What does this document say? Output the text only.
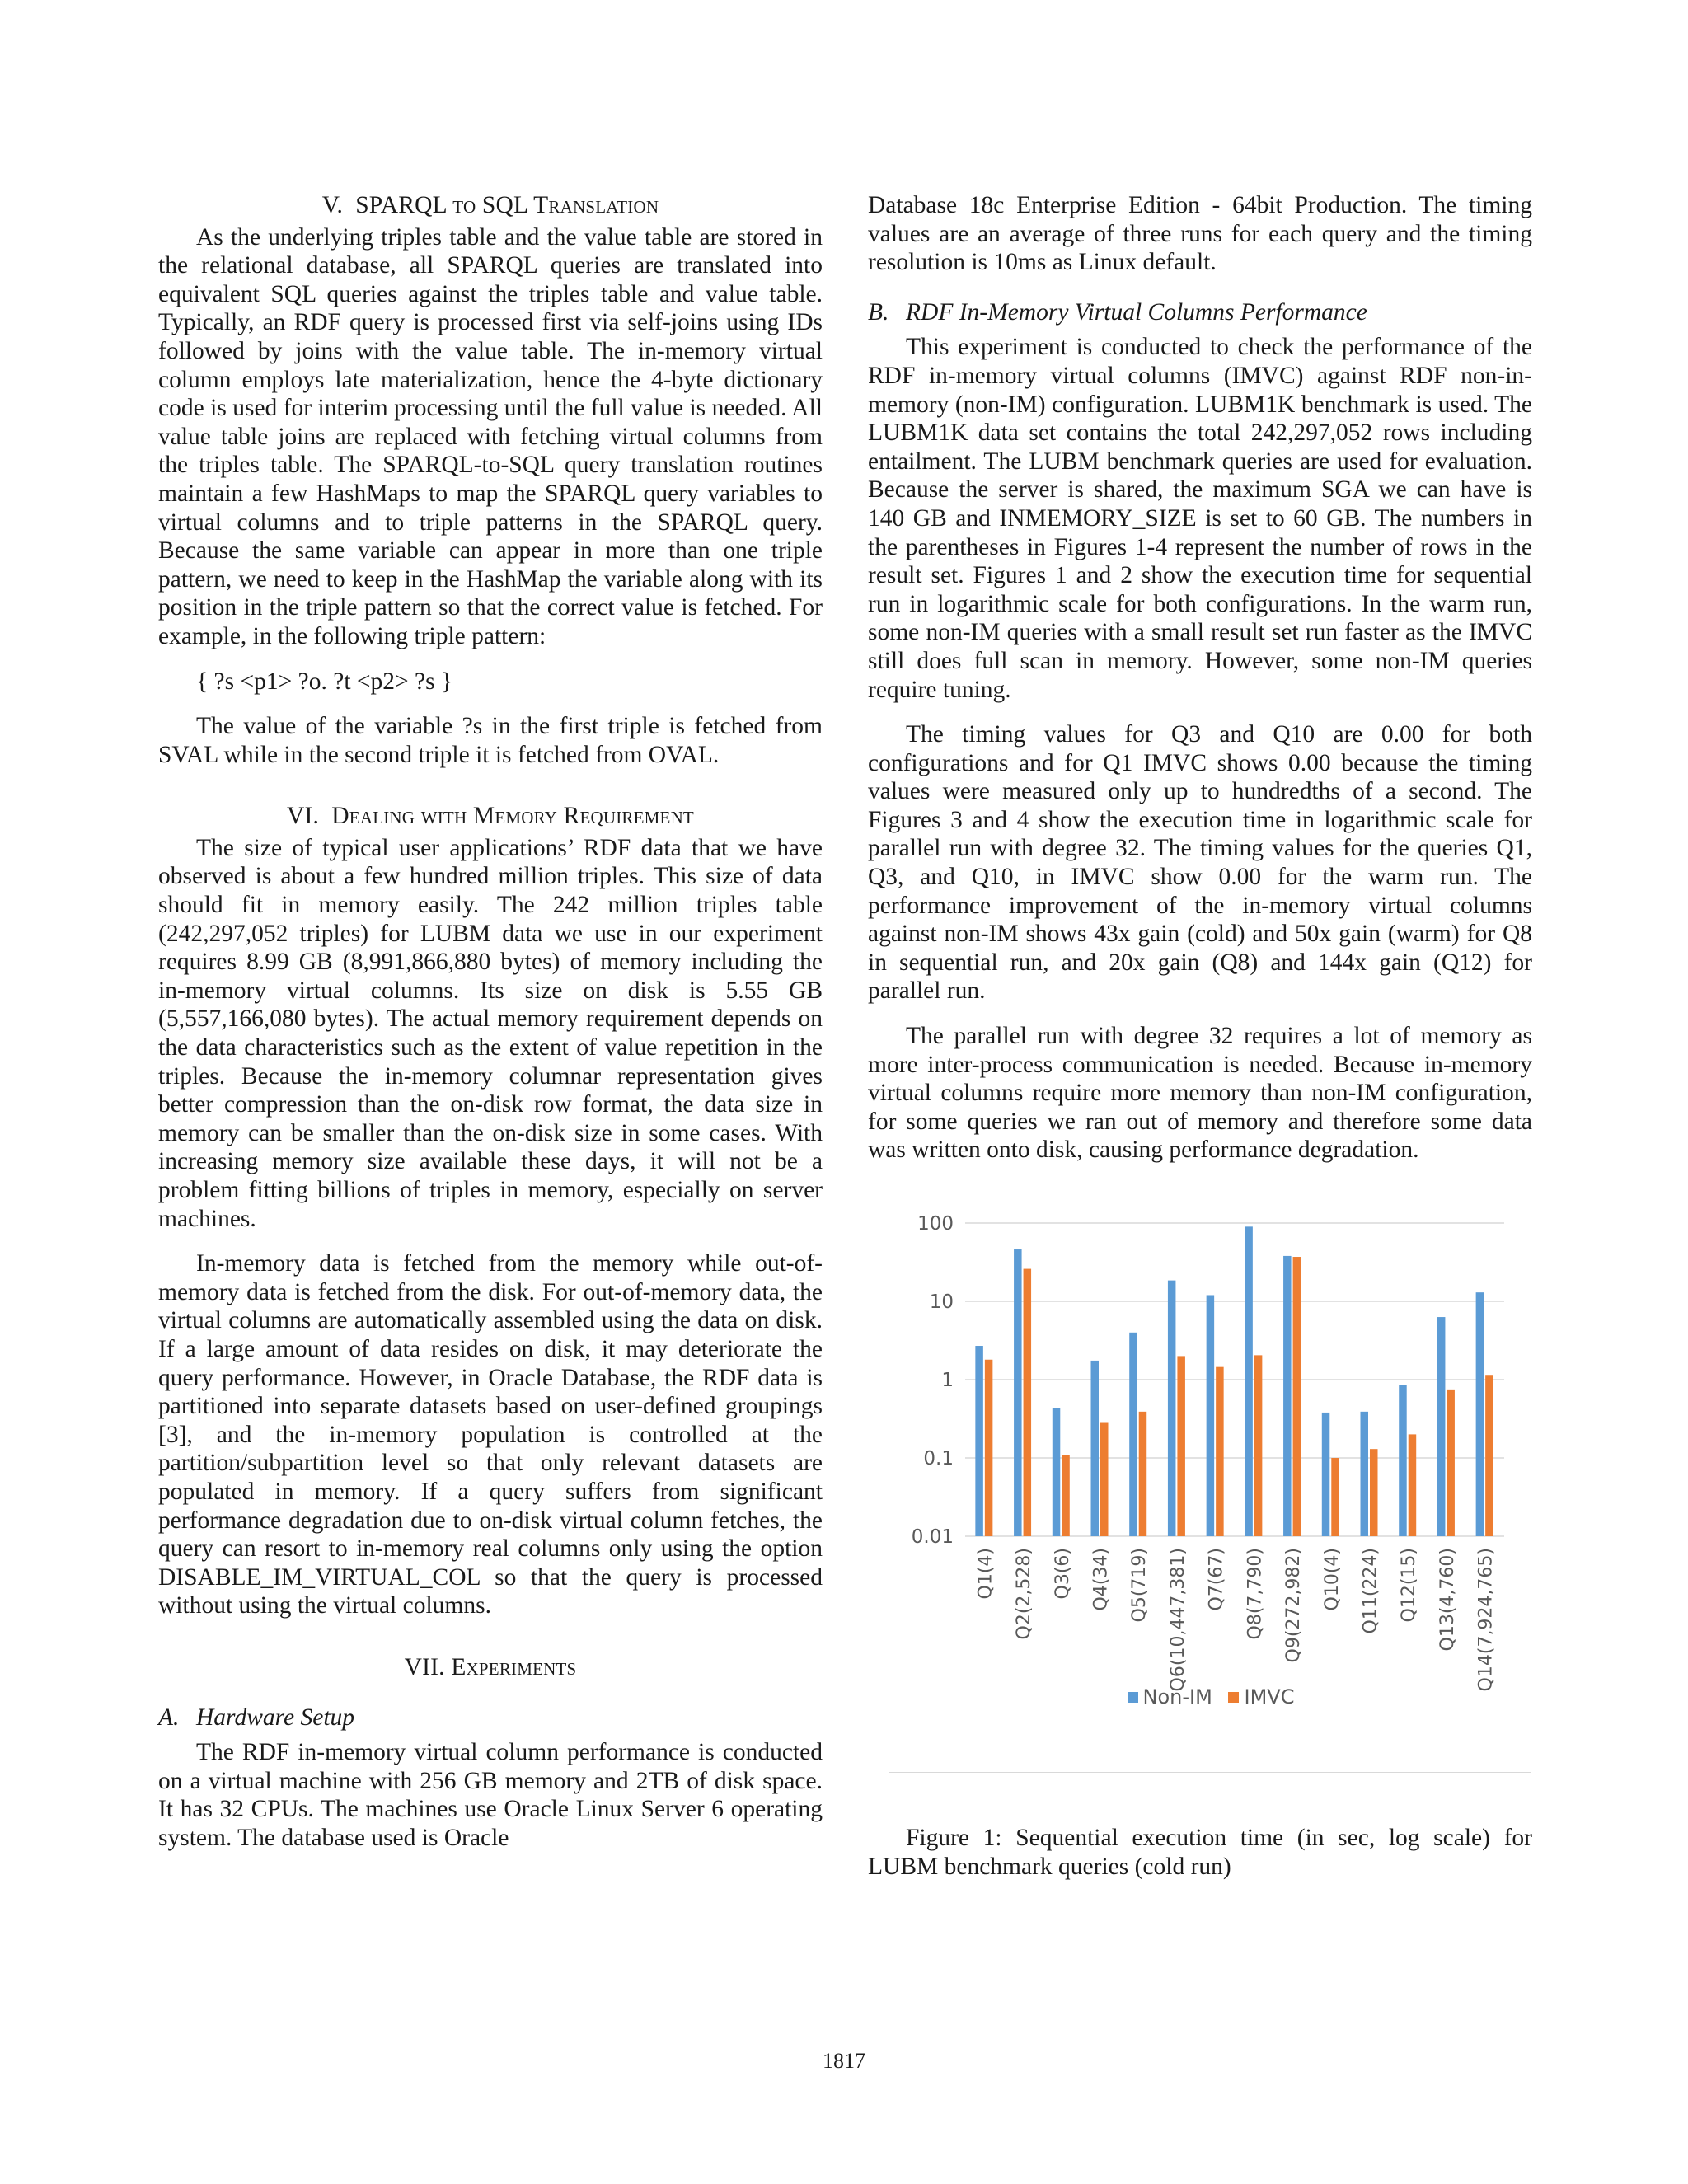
V. SPARQL to SQL Translation

As the underlying triples table and the value table are stored in the relational database, all SPARQL queries are translated into equivalent SQL queries against the triples table and value table. Typically, an RDF query is processed first via self-joins using IDs followed by joins with the value table. The in-memory virtual column employs late materialization, hence the 4-byte dictionary code is used for interim processing until the full value is needed. All value table joins are replaced with fetching virtual columns from the triples table. The SPARQL-to-SQL query translation routines maintain a few HashMaps to map the SPARQL query variables to virtual columns and to triple patterns in the SPARQL query. Because the same variable can appear in more than one triple pattern, we need to keep in the HashMap the variable along with its position in the triple pattern so that the correct value is fetched. For example, in the following triple pattern:

{ ?s <p1> ?o. ?t <p2> ?s }

The value of the variable ?s in the first triple is fetched from SVAL while in the second triple it is fetched from OVAL.

VI. Dealing with Memory Requirement

The size of typical user applications’ RDF data that we have observed is about a few hundred million triples. This size of data should fit in memory easily. The 242 million triples table (242,297,052 triples) for LUBM data we use in our experiment requires 8.99 GB (8,991,866,880 bytes) of memory including the in-memory virtual columns. Its size on disk is 5.55 GB (5,557,166,080 bytes). The actual memory requirement depends on the data characteristics such as the extent of value repetition in the triples. Because the in-memory columnar representation gives better compression than the on-disk row format, the data size in memory can be smaller than the on-disk size in some cases. With increasing memory size available these days, it will not be a problem fitting billions of triples in memory, especially on server machines.

In-memory data is fetched from the memory while out-of-memory data is fetched from the disk. For out-of-memory data, the virtual columns are automatically assembled using the data on disk. If a large amount of data resides on disk, it may deteriorate the query performance. However, in Oracle Database, the RDF data is partitioned into separate datasets based on user-defined groupings [3], and the in-memory population is controlled at the partition/subpartition level so that only relevant datasets are populated in memory. If a query suffers from significant performance degradation due to on-disk virtual column fetches, the query can resort to in-memory real columns only using the option DISABLE_IM_VIRTUAL_COL so that the query is processed without using the virtual columns.

VII. Experiments

A. Hardware Setup

The RDF in-memory virtual column performance is conducted on a virtual machine with 256 GB memory and 2TB of disk space. It has 32 CPUs. The machines use Oracle Linux Server 6 operating system. The database used is Oracle

Database 18c Enterprise Edition - 64bit Production. The timing values are an average of three runs for each query and the timing resolution is 10ms as Linux default.

B. RDF In-Memory Virtual Columns Performance

This experiment is conducted to check the performance of the RDF in-memory virtual columns (IMVC) against RDF non-in-memory (non-IM) configuration. LUBM1K benchmark is used. The LUBM1K data set contains the total 242,297,052 rows including entailment. The LUBM benchmark queries are used for evaluation. Because the server is shared, the maximum SGA we can have is 140 GB and INMEMORY_SIZE is set to 60 GB. The numbers in the parentheses in Figures 1-4 represent the number of rows in the result set. Figures 1 and 2 show the execution time for sequential run in logarithmic scale for both configurations. In the warm run, some non-IM queries with a small result set run faster as the IMVC still does full scan in memory. However, some non-IM queries require tuning.

The timing values for Q3 and Q10 are 0.00 for both configurations and for Q1 IMVC shows 0.00 because the timing values were measured only up to hundredths of a second. The Figures 3 and 4 show the execution time in logarithmic scale for parallel run with degree 32. The timing values for the queries Q1, Q3, and Q10, in IMVC show 0.00 for the warm run. The performance improvement of the in-memory virtual columns against non-IM shows 43x gain (cold) and 50x gain (warm) for Q8 in sequential run, and 20x gain (Q8) and 144x gain (Q12) for parallel run.

The parallel run with degree 32 requires a lot of memory as more inter-process communication is needed. Because in-memory virtual columns require more memory than non-IM configuration, for some queries we ran out of memory and therefore some data was written onto disk, causing performance degradation.

100
10
1
0.1
0.01
Q1(4) Q2(2,528) Q3(6) Q4(34) Q5(719) Q6(10,447,381) Q7(67) Q8(7,790) Q9(272,982) Q10(4) Q11(224) Q12(15) Q13(4,760) Q14(7,924,765)
Non-IM IMVC

Figure 1: Sequential execution time (in sec, log scale) for LUBM benchmark queries (cold run)

1817
